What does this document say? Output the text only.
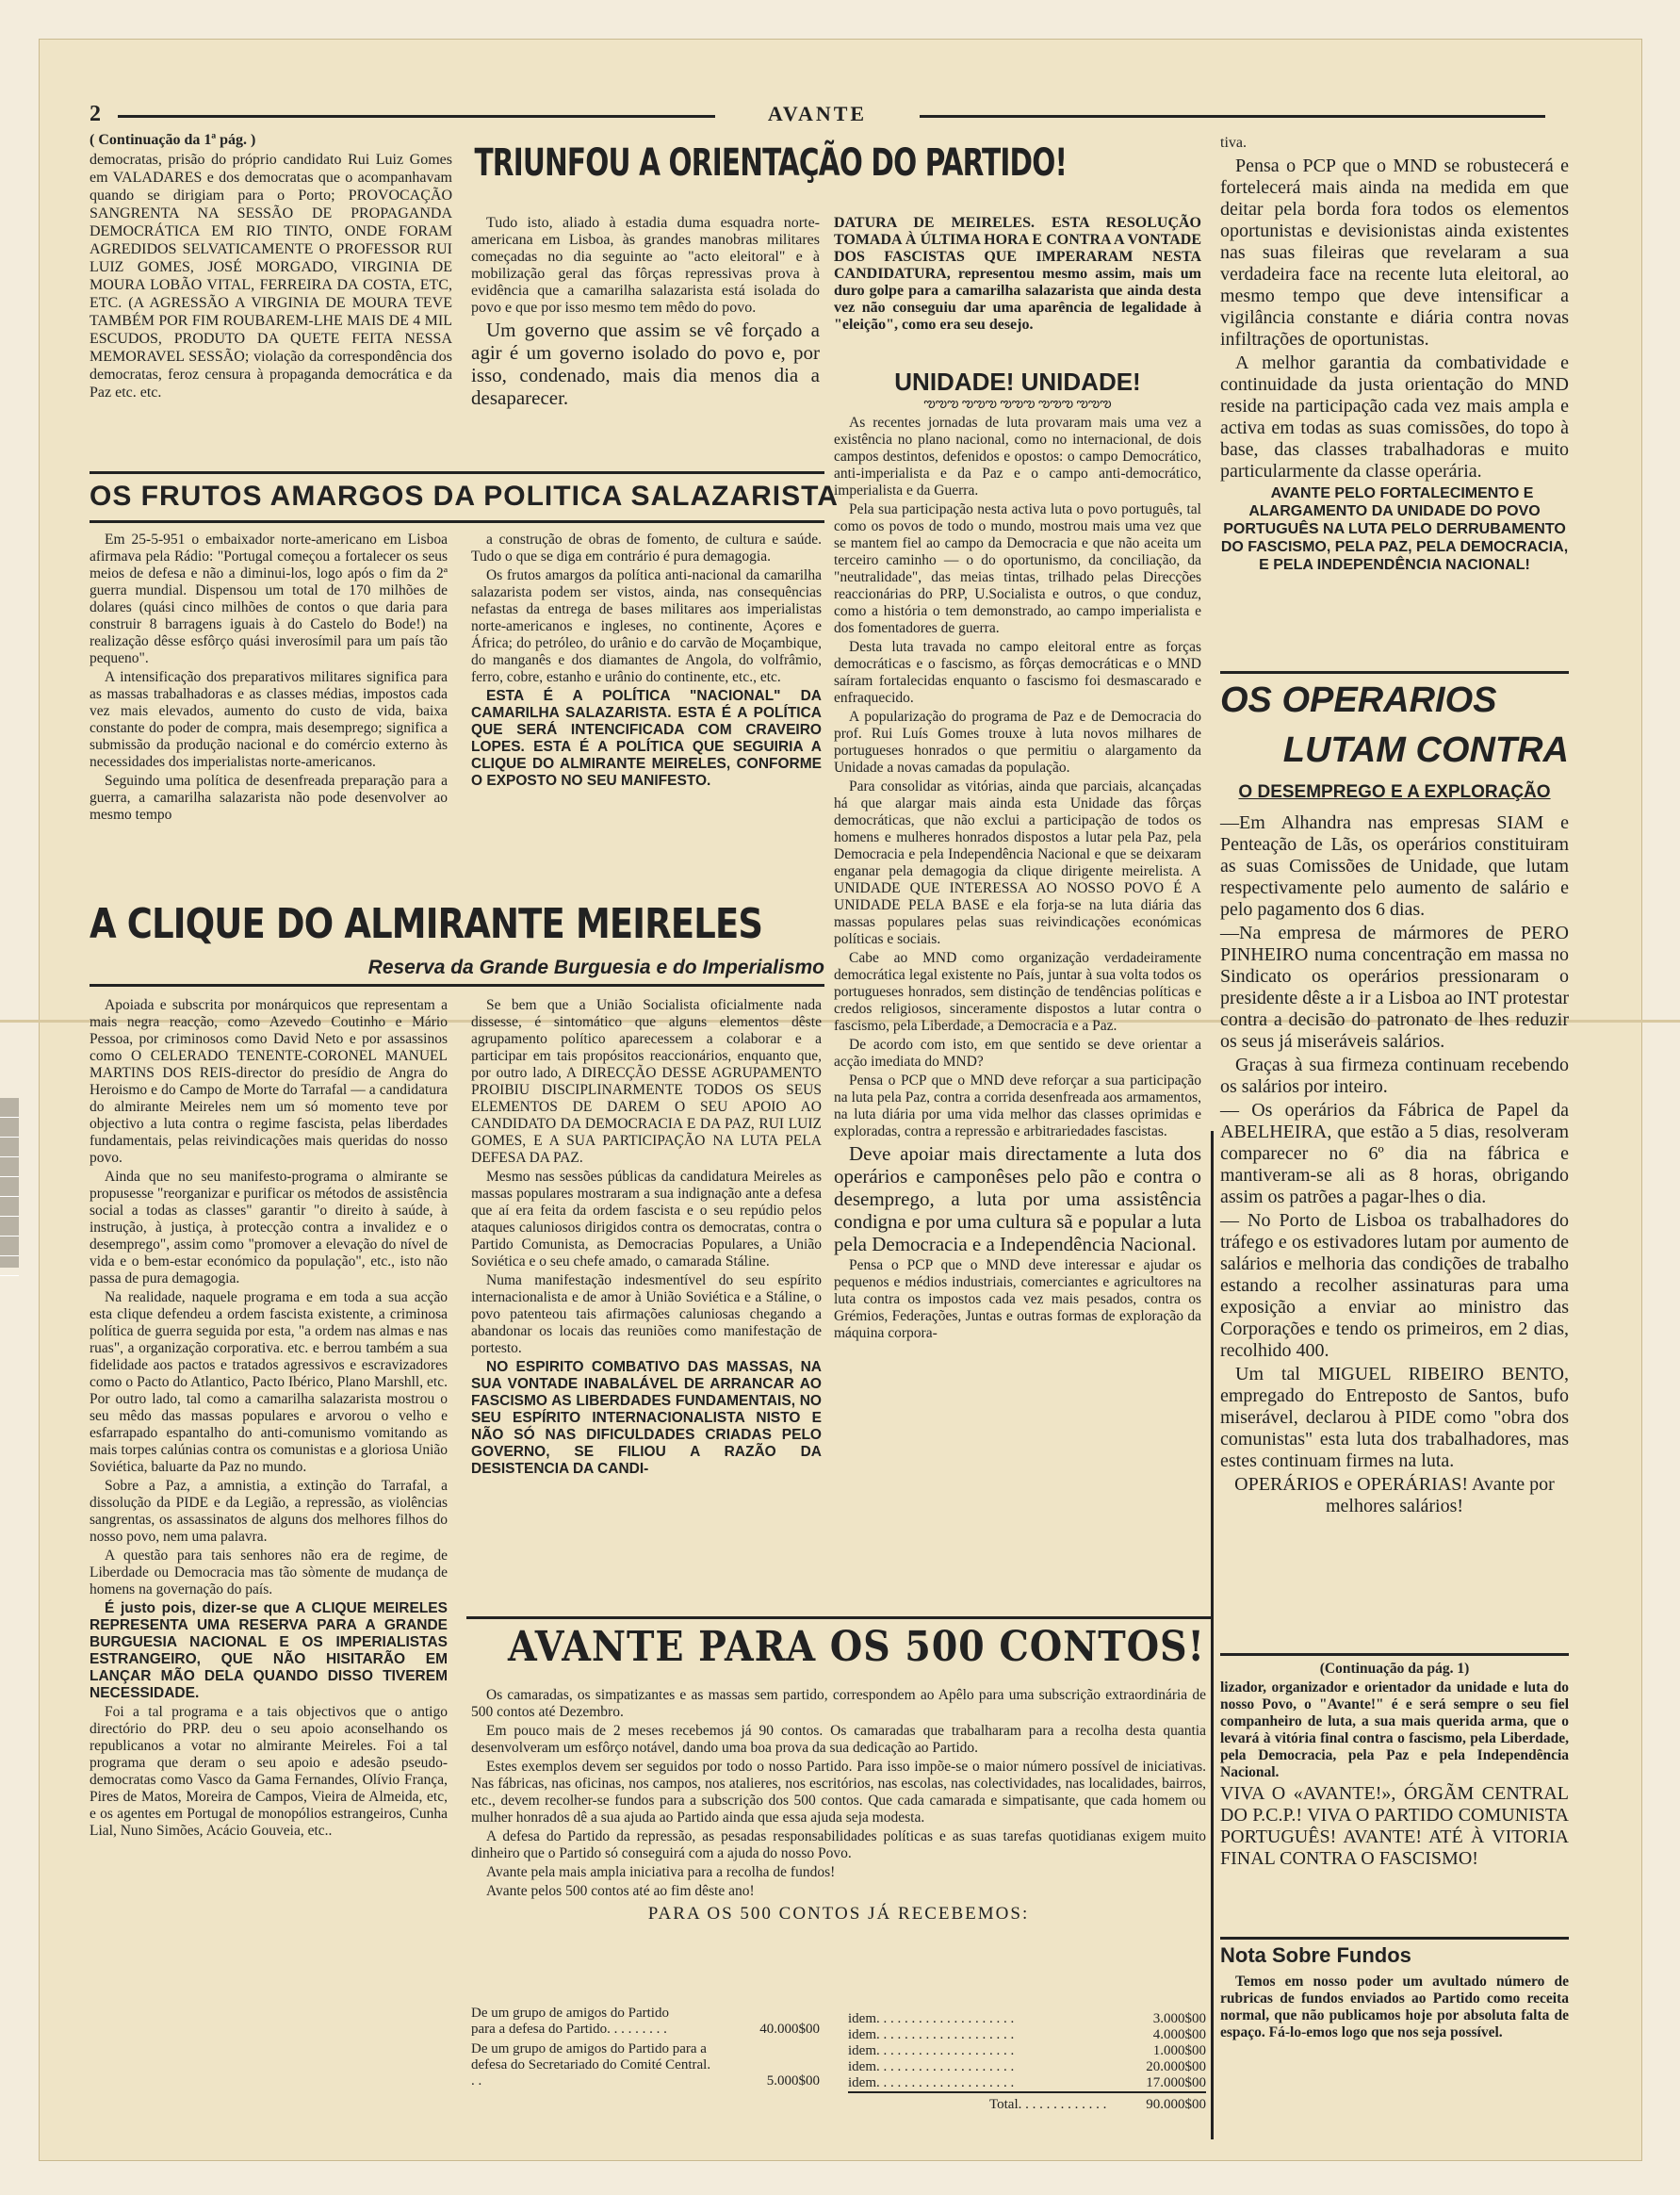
2	AVANTE

( Continuação da 1ª pág. )

democratas, prisão do próprio candidato Rui Luiz Gomes em VALADARES e dos democratas que o acompanhavam quando se dirigiam para o Porto; PROVOCAÇÃO SANGRENTA NA SESSÃO DE PROPAGANDA DEMOCRÁTICA EM RIO TINTO, ONDE FORAM AGREDIDOS SELVATICAMENTE O PROFESSOR RUI LUIZ GOMES, JOSÉ MORGADO, VIRGINIA DE MOURA LOBÃO VITAL, FERREIRA DA COSTA, ETC, ETC. (A AGRESSÃO A VIRGINIA DE MOURA TEVE TAMBÉM POR FIM ROUBAREM-LHE MAIS DE 4 MIL ESCUDOS, PRODUTO DA QUETE FEITA NESSA MEMORAVEL SESSÃO; violação da correspondência dos democratas, feroz censura à propaganda democrática e da Paz etc. etc.

TRIUNFOU A ORIENTAÇÃO DO PARTIDO!

Tudo isto, aliado à estadia duma esquadra norte-americana em Lisboa, às grandes manobras militares começadas no dia seguinte ao "acto eleitoral" e à mobilização geral das fôrças repressivas prova à evidência que a camarilha salazarista está isolada do povo e que por isso mesmo tem mêdo do povo.

Um governo que assim se vê forçado a agir é um governo isolado do povo e, por isso, condenado, mais dia menos dia a desaparecer.

DATURA DE MEIRELES. ESTA RESOLUÇÃO TOMADA À ÚLTIMA HORA E CONTRA A VONTADE DOS FASCISTAS QUE IMPERARAM NESTA CANDIDATURA, representou mesmo assim, mais um duro golpe para a camarilha salazarista que ainda desta vez não conseguiu dar uma aparência de legalidade à "eleição", como era seu desejo.

UNIDADE! UNIDADE!
ఌఌఌ ఌఌఌ ఌఌఌ ఌఌఌ ఌఌఌ

As recentes jornadas de luta provaram mais uma vez a existência no plano nacional, como no internacional, de dois campos destintos, defenidos e opostos: o campo Democrático, anti-imperialista e da Paz e o campo anti-democrático, imperialista e da Guerra.

Pela sua participação nesta activa luta o povo português, tal como os povos de todo o mundo, mostrou mais uma vez que se mantem fiel ao campo da Democracia e que não aceita um terceiro caminho — o do oportunismo, da conciliação, da "neutralidade", das meias tintas, trilhado pelas Direcções reaccionárias do PRP, U.Socialista e outros, o que conduz, como a história o tem demonstrado, ao campo imperialista e dos fomentadores de guerra.

Desta luta travada no campo eleitoral entre as forças democráticas e o fascismo, as fôrças democráticas e o MND saíram fortalecidas enquanto o fascismo foi desmascarado e enfraquecido.

A popularização do programa de Paz e de Democracia do prof. Rui Luís Gomes trouxe à luta novos milhares de portugueses honrados o que permitiu o alargamento da Unidade a novas camadas da população.

Para consolidar as vitórias, ainda que parciais, alcançadas há que alargar mais ainda esta Unidade das fôrças democráticas, que não exclui a participação de todos os homens e mulheres honrados dispostos a lutar pela Paz, pela Democracia e pela Independência Nacional e que se deixaram enganar pela demagogia da clique dirigente meirelista. A UNIDADE QUE INTERESSA AO NOSSO POVO É A UNIDADE PELA BASE e ela forja-se na luta diária das massas populares pelas suas reivindicações económicas políticas e sociais.

Cabe ao MND como organização verdadeiramente democrática legal existente no País, juntar à sua volta todos os portugueses honrados, sem distinção de tendências políticas e credos religiosos, sinceramente dispostos a lutar contra o fascismo, pela Liberdade, a Democracia e a Paz.

De acordo com isto, em que sentido se deve orientar a acção imediata do MND?

Pensa o PCP que o MND deve reforçar a sua participação na luta pela Paz, contra a corrida desenfreada aos armamentos, na luta diária por uma vida melhor das classes oprimidas e exploradas, contra a repressão e arbitrariedades fascistas.

Deve apoiar mais directamente a luta dos operários e camponêses pelo pão e contra o desemprego, a luta por uma assistência condigna e por uma cultura sã e popular a luta pela Democracia e a Independência Nacional.

Pensa o PCP que o MND deve interessar e ajudar os pequenos e médios industriais, comerciantes e agricultores na luta contra os impostos cada vez mais pesados, contra os Grémios, Federações, Juntas e outras formas de exploração da máquina corpora-

tiva.

Pensa o PCP que o MND se robustecerá e fortelecerá mais ainda na medida em que deitar pela borda fora todos os elementos oportunistas e devisionistas ainda existentes nas suas fileiras que revelaram a sua verdadeira face na recente luta eleitoral, ao mesmo tempo que deve intensificar a vigilância constante e diária contra novas infiltrações de oportunistas.

A melhor garantia da combatividade e continuidade da justa orientação do MND reside na participação cada vez mais ampla e activa em todas as suas comissões, do topo à base, das classes trabalhadoras e muito particularmente da classe operária.

AVANTE PELO FORTALECIMENTO E ALARGAMENTO DA UNIDADE DO POVO PORTUGUÊS NA LUTA PELO DERRUBAMENTO DO FASCISMO, PELA PAZ, PELA DEMOCRACIA, E PELA INDEPENDÊNCIA NACIONAL!

OS FRUTOS AMARGOS DA POLITICA SALAZARISTA

Em 25-5-951 o embaixador norte-americano em Lisboa afirmava pela Rádio: "Portugal começou a fortalecer os seus meios de defesa e não a diminui-los, logo após o fim da 2ª guerra mundial. Dispensou um total de 170 milhões de dolares (quási cinco milhões de contos o que daria para construir 8 barragens iguais à do Castelo do Bode!) na realização dêsse esfôrço quási inverosímil para um país tão pequeno".

A intensificação dos preparativos militares significa para as massas trabalhadoras e as classes médias, impostos cada vez mais elevados, aumento do custo de vida, baixa constante do poder de compra, mais desemprego; significa a submissão da produção nacional e do comércio externo às necessidades dos imperialistas norte-americanos.

Seguindo uma política de desenfreada preparação para a guerra, a camarilha salazarista não pode desenvolver ao mesmo tempo

a construção de obras de fomento, de cultura e saúde. Tudo o que se diga em contrário é pura demagogia.

Os frutos amargos da política anti-nacional da camarilha salazarista podem ser vistos, ainda, nas consequências nefastas da entrega de bases militares aos imperialistas norte-americanos e ingleses, no continente, Açores e África; do petróleo, do urânio e do carvão de Moçambique, do manganês e dos diamantes de Angola, do volfrâmio, ferro, cobre, estanho e urânio do continente, etc., etc.

ESTA É A POLÍTICA "NACIONAL" DA CAMARILHA SALAZARISTA. ESTA É A POLÍTICA QUE SERÁ INTENCIFICADA COM CRAVEIRO LOPES. ESTA É A POLÍTICA QUE SEGUIRIA A CLIQUE DO ALMIRANTE MEIRELES, CONFORME O EXPOSTO NO SEU MANIFESTO.

A CLIQUE DO ALMIRANTE MEIRELES
Reserva da Grande Burguesia e do Imperialismo

Apoiada e subscrita por monárquicos que representam a mais negra reacção, como Azevedo Coutinho e Mário Pessoa, por criminosos como David Neto e por assassinos como O CELERADO TENENTE-CORONEL MANUEL MARTINS DOS REIS-director do presídio de Angra do Heroismo e do Campo de Morte do Tarrafal — a candidatura do almirante Meireles nem um só momento teve por objectivo a luta contra o regime fascista, pelas liberdades fundamentais, pelas reivindicações mais queridas do nosso povo.

Ainda que no seu manifesto-programa o almirante se propusesse "reorganizar e purificar os métodos de assistência social a todas as classes" garantir "o direito à saúde, à instrução, à justiça, à protecção contra a invalidez e o desemprego", assim como "promover a elevação do nível de vida e o bem-estar económico da população", etc., isto não passa de pura demagogia.

Na realidade, naquele programa e em toda a sua acção esta clique defendeu a ordem fascista existente, a criminosa política de guerra seguida por esta, "a ordem nas almas e nas ruas", a organização corporativa. etc. e berrou também a sua fidelidade aos pactos e tratados agressivos e escravizadores como o Pacto do Atlantico, Pacto Ibérico, Plano Marshll, etc. Por outro lado, tal como a camarilha salazarista mostrou o seu mêdo das massas populares e arvorou o velho e esfarrapado espantalho do anti-comunismo vomitando as mais torpes calúnias contra os comunistas e a gloriosa União Soviética, baluarte da Paz no mundo.

Sobre a Paz, a amnistia, a extinção do Tarrafal, a dissolução da PIDE e da Legião, a repressão, as violências sangrentas, os assassinatos de alguns dos melhores filhos do nosso povo, nem uma palavra.

A questão para tais senhores não era de regime, de Liberdade ou Democracia mas tão sòmente de mudança de homens na governação do país.

É justo pois, dizer-se que A CLIQUE MEIRELES REPRESENTA UMA RESERVA PARA A GRANDE BURGUESIA NACIONAL E OS IMPERIALISTAS ESTRANGEIRO, QUE NÃO HISITARÃO EM LANÇAR MÃO DELA QUANDO DISSO TIVEREM NECESSIDADE.

Foi a tal programa e a tais objectivos que o antigo directório do PRP. deu o seu apoio aconselhando os republicanos a votar no almirante Meireles. Foi a tal programa que deram o seu apoio e adesão pseudo-democratas como Vasco da Gama Fernandes, Olívio França, Pires de Matos, Moreira de Campos, Vieira de Almeida, etc, e os agentes em Portugal de monopólios estrangeiros, Cunha Lial, Nuno Simões, Acácio Gouveia, etc..

Se bem que a União Socialista oficialmente nada dissesse, é sintomático que alguns elementos dêste agrupamento político aparecessem a colaborar e a participar em tais propósitos reaccionários, enquanto que, por outro lado, A DIRECÇÃO DESSE AGRUPAMENTO PROIBIU DISCIPLINARMENTE TODOS OS SEUS ELEMENTOS DE DAREM O SEU APOIO AO CANDIDATO DA DEMOCRACIA E DA PAZ, RUI LUIZ GOMES, E A SUA PARTICIPAÇÃO NA LUTA PELA DEFESA DA PAZ.

Mesmo nas sessões públicas da candidatura Meireles as massas populares mostraram a sua indignação ante a defesa que aí era feita da ordem fascista e o seu repúdio pelos ataques caluniosos dirigidos contra os democratas, contra o Partido Comunista, as Democracias Populares, a União Soviética e o seu chefe amado, o camarada Stáline.

Numa manifestação indesmentível do seu espírito internacionalista e de amor à União Soviética e a Stáline, o povo patenteou tais afirmações caluniosas chegando a abandonar os locais das reuniões como manifestação de portesto.

NO ESPIRITO COMBATIVO DAS MASSAS, NA SUA VONTADE INABALÁVEL DE ARRANCAR AO FASCISMO AS LIBERDADES FUNDAMENTAIS, NO SEU ESPÍRITO INTERNACIONALISTA NISTO E NÃO SÓ NAS DIFICULDADES CRIADAS PELO GOVERNO, SE FILIOU A RAZÃO DA DESISTENCIA DA CANDI-

OS OPERARIOS
LUTAM CONTRA
O DESEMPREGO E A EXPLORAÇÃO

—Em Alhandra nas empresas SIAM e Penteação de Lãs, os operários constituiram as suas Comissões de Unidade, que lutam respectivamente pelo aumento de salário e pelo pagamento dos 6 dias.

—Na empresa de mármores de PERO PINHEIRO numa concentração em massa no Sindicato os operários pressionaram o presidente dêste a ir a Lisboa ao INT protestar contra a decisão do patronato de lhes reduzir os seus já miseráveis salários.

Graças à sua firmeza continuam recebendo os salários por inteiro.

— Os operários da Fábrica de Papel da ABELHEIRA, que estão a 5 dias, resolveram comparecer no 6º dia na fábrica e mantiveram-se ali as 8 horas, obrigando assim os patrões a pagar-lhes o dia.

— No Porto de Lisboa os trabalhadores do tráfego e os estivadores lutam por aumento de salários e melhoria das condições de trabalho estando a recolher assinaturas para uma exposição a enviar ao ministro das Corporações e tendo os primeiros, em 2 dias, recolhido 400.

Um tal MIGUEL RIBEIRO BENTO, empregado do Entreposto de Santos, bufo miserável, declarou à PIDE como "obra dos comunistas" esta luta dos trabalhadores, mas estes continuam firmes na luta.

OPERÁRIOS e OPERÁRIAS! Avante por melhores salários!

(Continuação da pág. 1)

lizador, organizador e orientador da unidade e luta do nosso Povo, o "Avante!" é e será sempre o seu fiel companheiro de luta, a sua mais querida arma, que o levará à vitória final contra o fascismo, pela Liberdade, pela Democracia, pela Paz e pela Independência Nacional.

VIVA O «AVANTE!», ÓRGÃM CENTRAL DO P.C.P.! VIVA O PARTIDO COMUNISTA PORTUGUÊS! AVANTE! ATÉ À VITORIA FINAL CONTRA O FASCISMO!

Nota Sobre Fundos

Temos em nosso poder um avultado número de rubricas de fundos enviados ao Partido como receita normal, que não publicamos hoje por absoluta falta de espaço. Fá-lo-emos logo que nos seja possível.

AVANTE PARA OS 500 CONTOS!

Os camaradas, os simpatizantes e as massas sem partido, correspondem ao Apêlo para uma subscrição extraordinária de 500 contos até Dezembro.

Em pouco mais de 2 meses recebemos já 90 contos. Os camaradas que trabalharam para a recolha desta quantia desenvolveram um esfôrço notável, dando uma boa prova da sua dedicação ao Partido.

Estes exemplos devem ser seguidos por todo o nosso Partido. Para isso impõe-se o maior número possível de iniciativas. Nas fábricas, nas oficinas, nos campos, nos atalieres, nos escritórios, nas escolas, nas colectividades, nas localidades, bairros, etc., devem recolher-se fundos para a subscrição dos 500 contos. Que cada camarada e simpatisante, que cada homem ou mulher honrados dê a sua ajuda ao Partido ainda que essa ajuda seja modesta.

A defesa do Partido da repressão, as pesadas responsabilidades políticas e as suas tarefas quotidianas exigem muito dinheiro que o Partido só conseguirá com a ajuda do nosso Povo.

Avante pela mais ampla iniciativa para a recolha de fundos!

Avante pelos 500 contos até ao fim dêste ano!

PARA OS 500 CONTOS JÁ RECEBEMOS:

De um grupo de amigos do Partido para a defesa do Partido. . . . . . . . .	40.000$00
De um grupo de amigos do Partido para a defesa do Secretariado do Comité Central. . .	5.000$00
idem. . . . . . . . . . . . . . . . . . . .	3.000$00
idem. . . . . . . . . . . . . . . . . . . .	4.000$00
idem. . . . . . . . . . . . . . . . . . . .	1.000$00
idem. . . . . . . . . . . . . . . . . . . .	20.000$00
idem. . . . . . . . . . . . . . . . . . . .	17.000$00
Total. . . . . . . . . . . . .	90.000$00
